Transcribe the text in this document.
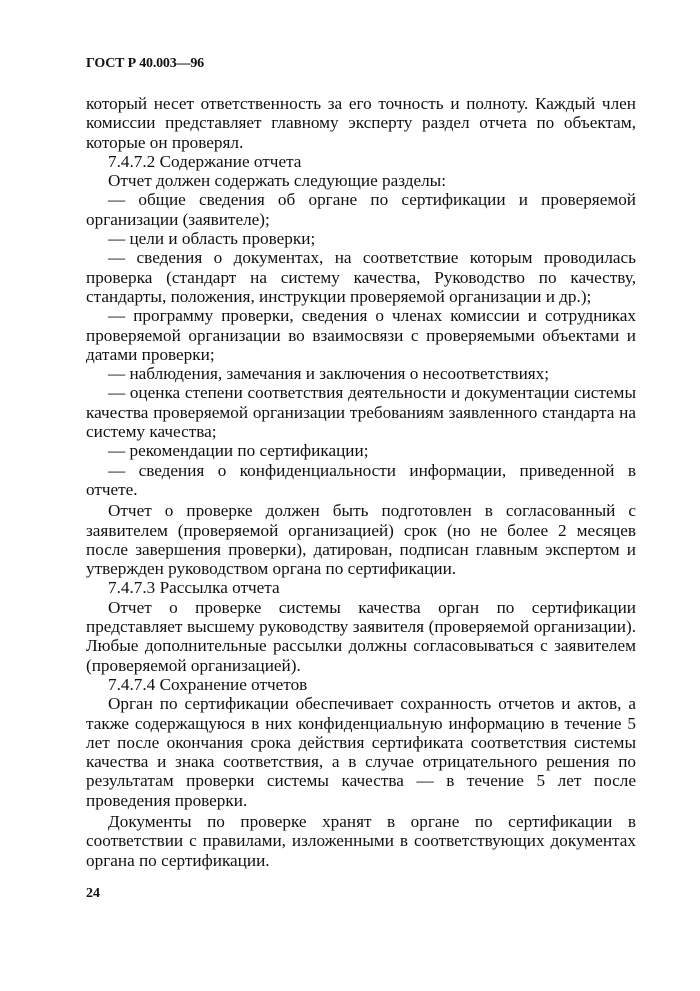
ГОСТ Р 40.003—96

который несет ответственность за его точность и полноту. Каждый член комиссии представляет главному эксперту раздел отчета по объектам, которые он проверял.

7.4.7.2 Содержание отчета

Отчет должен содержать следующие разделы:

— общие сведения об органе по сертификации и проверяемой организации (заявителе);

— цели и область проверки;

— сведения о документах, на соответствие которым проводилась проверка (стандарт на систему качества, Руководство по качеству, стандарты, положения, инструкции проверяемой организации и др.);

— программу проверки, сведения о членах комиссии и сотрудниках проверяемой организации во взаимосвязи с проверяемыми объектами и датами проверки;

— наблюдения, замечания и заключения о несоответствиях;

— оценка степени соответствия деятельности и документации системы качества проверяемой организации требованиям заявленного стандарта на систему качества;

— рекомендации по сертификации;

— сведения о конфиденциальности информации, приведенной в отчете.

Отчет о проверке должен быть подготовлен в согласованный с заявителем (проверяемой организацией) срок (но не более 2 месяцев после завершения проверки), датирован, подписан главным экспертом и утвержден руководством органа по сертификации.

7.4.7.3 Рассылка отчета

Отчет о проверке системы качества орган по сертификации представляет высшему руководству заявителя (проверяемой организации). Любые дополнительные рассылки должны согласовываться с заявителем (проверяемой организацией).

7.4.7.4 Сохранение отчетов

Орган по сертификации обеспечивает сохранность отчетов и актов, а также содержащуюся в них конфиденциальную информацию в течение 5 лет после окончания срока действия сертификата соответствия системы качества и знака соответствия, а в случае отрицательного решения по результатам проверки системы качества — в течение 5 лет после проведения проверки.

Документы по проверке хранят в органе по сертификации в соответствии с правилами, изложенными в соответствующих документах органа по сертификации.

24
